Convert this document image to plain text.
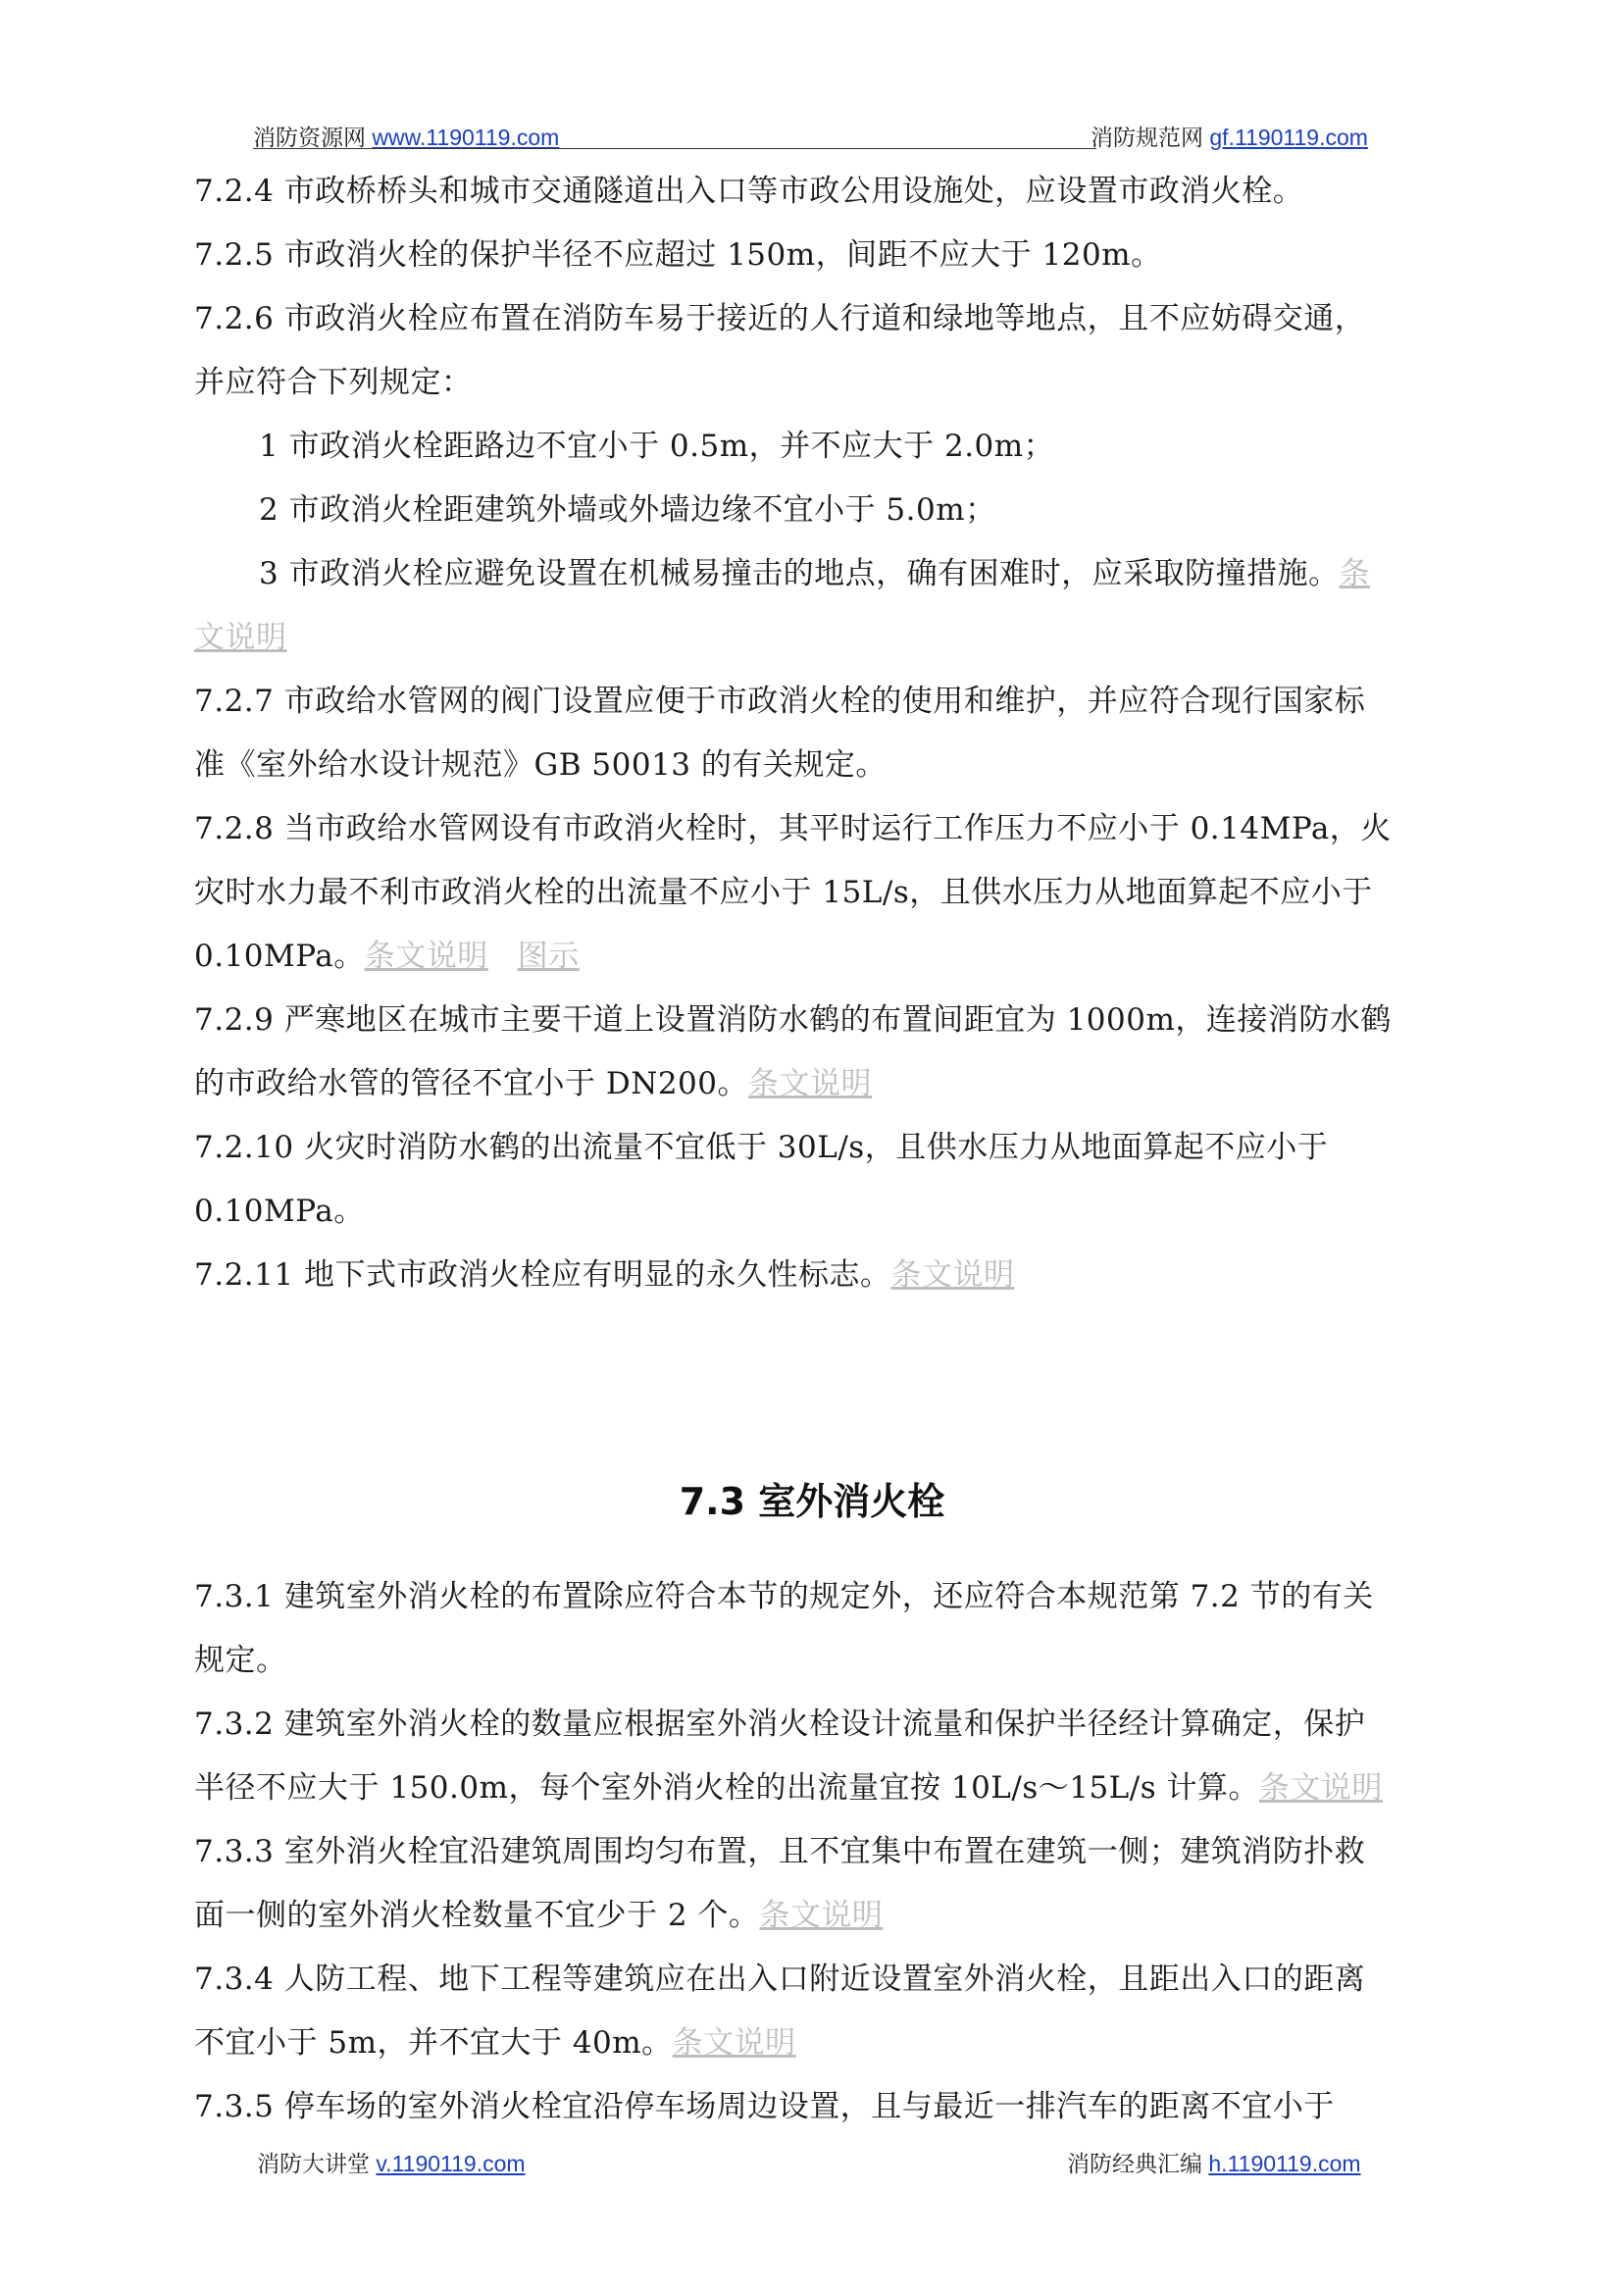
消防资源网 www.1190119.com	消防规范网 gf.1190119.com

7.2.4 市政桥桥头和城市交通隧道出入口等市政公用设施处，应设置市政消火栓。

7.2.5 市政消火栓的保护半径不应超过 150m，间距不应大于 120m。

7.2.6 市政消火栓应布置在消防车易于接近的人行道和绿地等地点，且不应妨碍交通，

并应符合下列规定：

1 市政消火栓距路边不宜小于 0.5m，并不应大于 2.0m；

2 市政消火栓距建筑外墙或外墙边缘不宜小于 5.0m；

3 市政消火栓应避免设置在机械易撞击的地点，确有困难时，应采取防撞措施。条

文说明

7.2.7 市政给水管网的阀门设置应便于市政消火栓的使用和维护，并应符合现行国家标

准《室外给水设计规范》GB 50013 的有关规定。

7.2.8 当市政给水管网设有市政消火栓时，其平时运行工作压力不应小于 0.14MPa，火

灾时水力最不利市政消火栓的出流量不应小于 15L/s，且供水压力从地面算起不应小于

0.10MPa。条文说明 图示

7.2.9 严寒地区在城市主要干道上设置消防水鹤的布置间距宜为 1000m，连接消防水鹤

的市政给水管的管径不宜小于 DN200。条文说明

7.2.10 火灾时消防水鹤的出流量不宜低于 30L/s，且供水压力从地面算起不应小于

0.10MPa。

7.2.11 地下式市政消火栓应有明显的永久性标志。条文说明

7.3 室外消火栓

7.3.1 建筑室外消火栓的布置除应符合本节的规定外，还应符合本规范第 7.2 节的有关

规定。

7.3.2 建筑室外消火栓的数量应根据室外消火栓设计流量和保护半径经计算确定，保护

半径不应大于 150.0m，每个室外消火栓的出流量宜按 10L/s～15L/s 计算。条文说明

7.3.3 室外消火栓宜沿建筑周围均匀布置，且不宜集中布置在建筑一侧；建筑消防扑救

面一侧的室外消火栓数量不宜少于 2 个。条文说明

7.3.4 人防工程、地下工程等建筑应在出入口附近设置室外消火栓，且距出入口的距离

不宜小于 5m，并不宜大于 40m。条文说明

7.3.5 停车场的室外消火栓宜沿停车场周边设置，且与最近一排汽车的距离不宜小于

消防大讲堂 v.1190119.com	消防经典汇编 h.1190119.com
